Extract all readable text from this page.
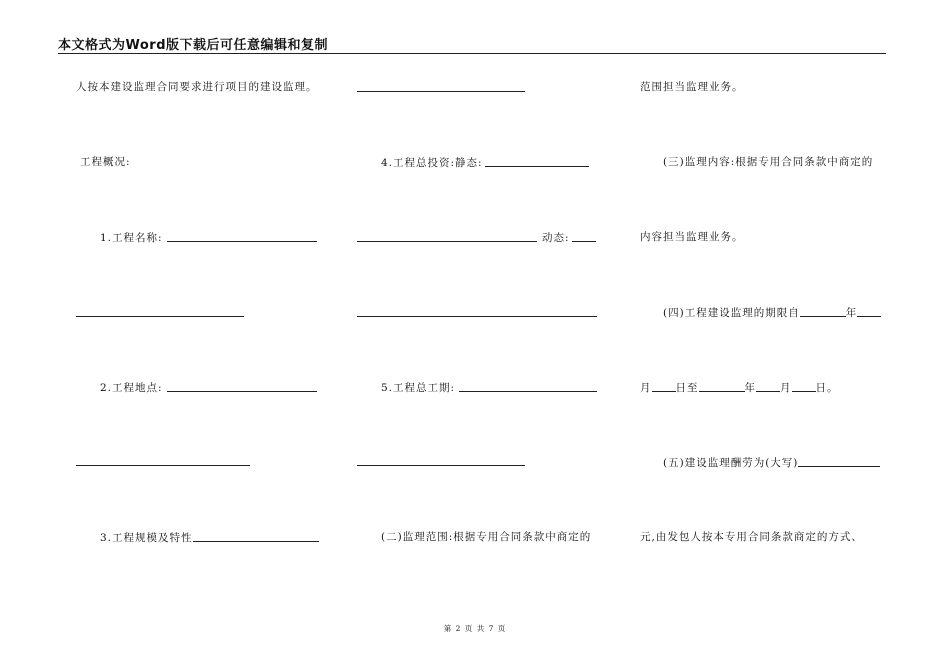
本文格式为Word版下载后可任意编辑和复制
人按本建设监理合同要求进行项目的建设监理。
工程概况:
1.工程名称:
2.工程地点:
3.工程规模及特性
4.工程总投资:静态:
动态:
5.工程总工期:
(二)监理范围:根据专用合同条款中商定的
范围担当监理业务。
(三)监理内容:根据专用合同条款中商定的
内容担当监理业务。
(四)工程建设监理的期限自	年
月 日至	年 月 日。
(五)建设监理酬劳为(大写)
元,由发包人按本专用合同条款商定的方式、
第 2 页 共 7 页
